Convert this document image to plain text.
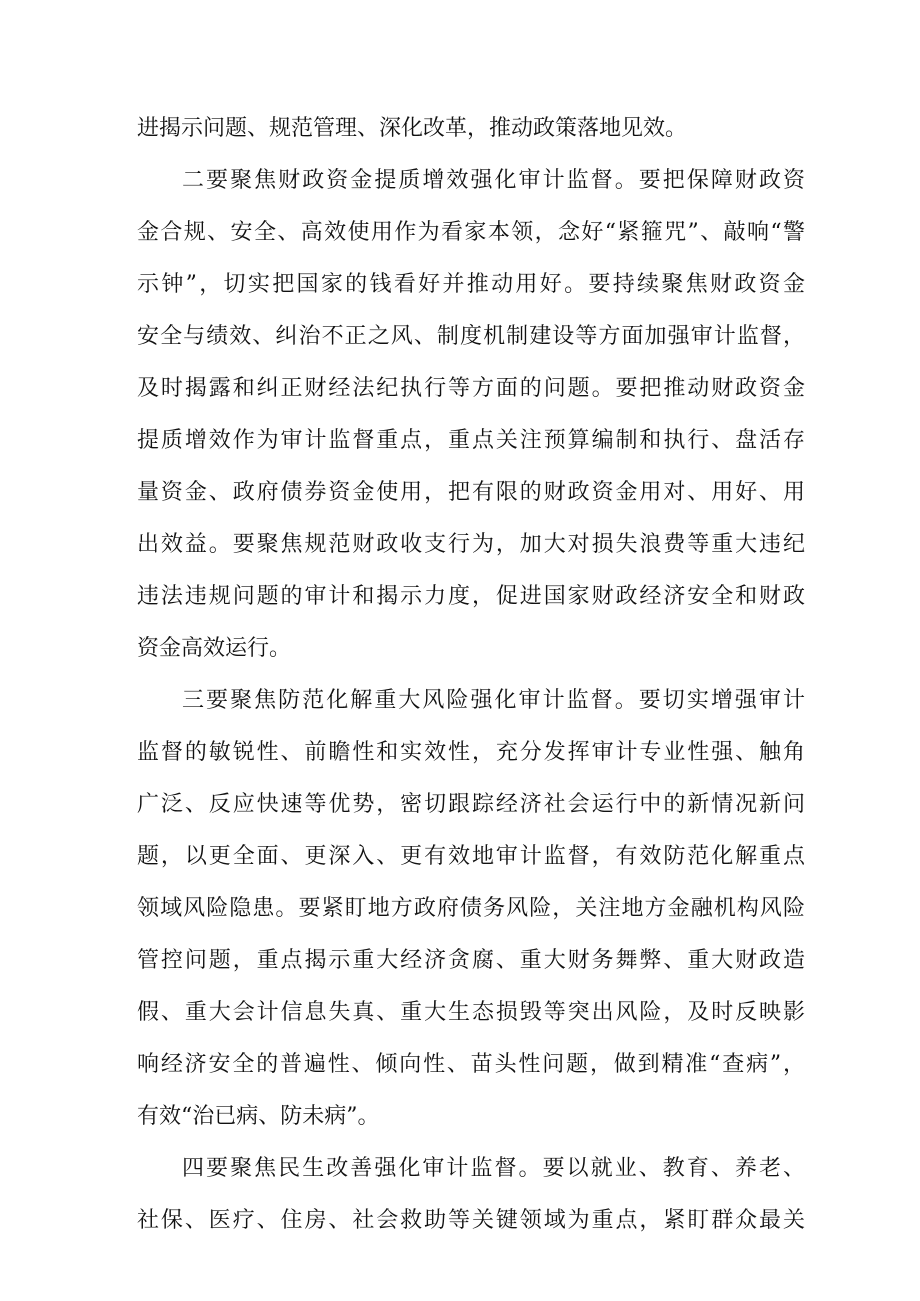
进揭示问题、规范管理、深化改革，推动政策落地见效。
二要聚焦财政资金提质增效强化审计监督。要把保障财政资
金合规、安全、高效使用作为看家本领，念好“紧箍咒”、敲响“警
示钟”，切实把国家的钱看好并推动用好。要持续聚焦财政资金
安全与绩效、纠治不正之风、制度机制建设等方面加强审计监督，
及时揭露和纠正财经法纪执行等方面的问题。要把推动财政资金
提质增效作为审计监督重点，重点关注预算编制和执行、盘活存
量资金、政府债券资金使用，把有限的财政资金用对、用好、用
出效益。要聚焦规范财政收支行为，加大对损失浪费等重大违纪
违法违规问题的审计和揭示力度，促进国家财政经济安全和财政
资金高效运行。
三要聚焦防范化解重大风险强化审计监督。要切实增强审计
监督的敏锐性、前瞻性和实效性，充分发挥审计专业性强、触角
广泛、反应快速等优势，密切跟踪经济社会运行中的新情况新问
题，以更全面、更深入、更有效地审计监督，有效防范化解重点
领域风险隐患。要紧盯地方政府债务风险，关注地方金融机构风险
管控问题，重点揭示重大经济贪腐、重大财务舞弊、重大财政造
假、重大会计信息失真、重大生态损毁等突出风险，及时反映影
响经济安全的普遍性、倾向性、苗头性问题，做到精准“查病”，
有效“治已病、防未病”。
四要聚焦民生改善强化审计监督。要以就业、教育、养老、
社保、医疗、住房、社会救助等关键领域为重点，紧盯群众最关
